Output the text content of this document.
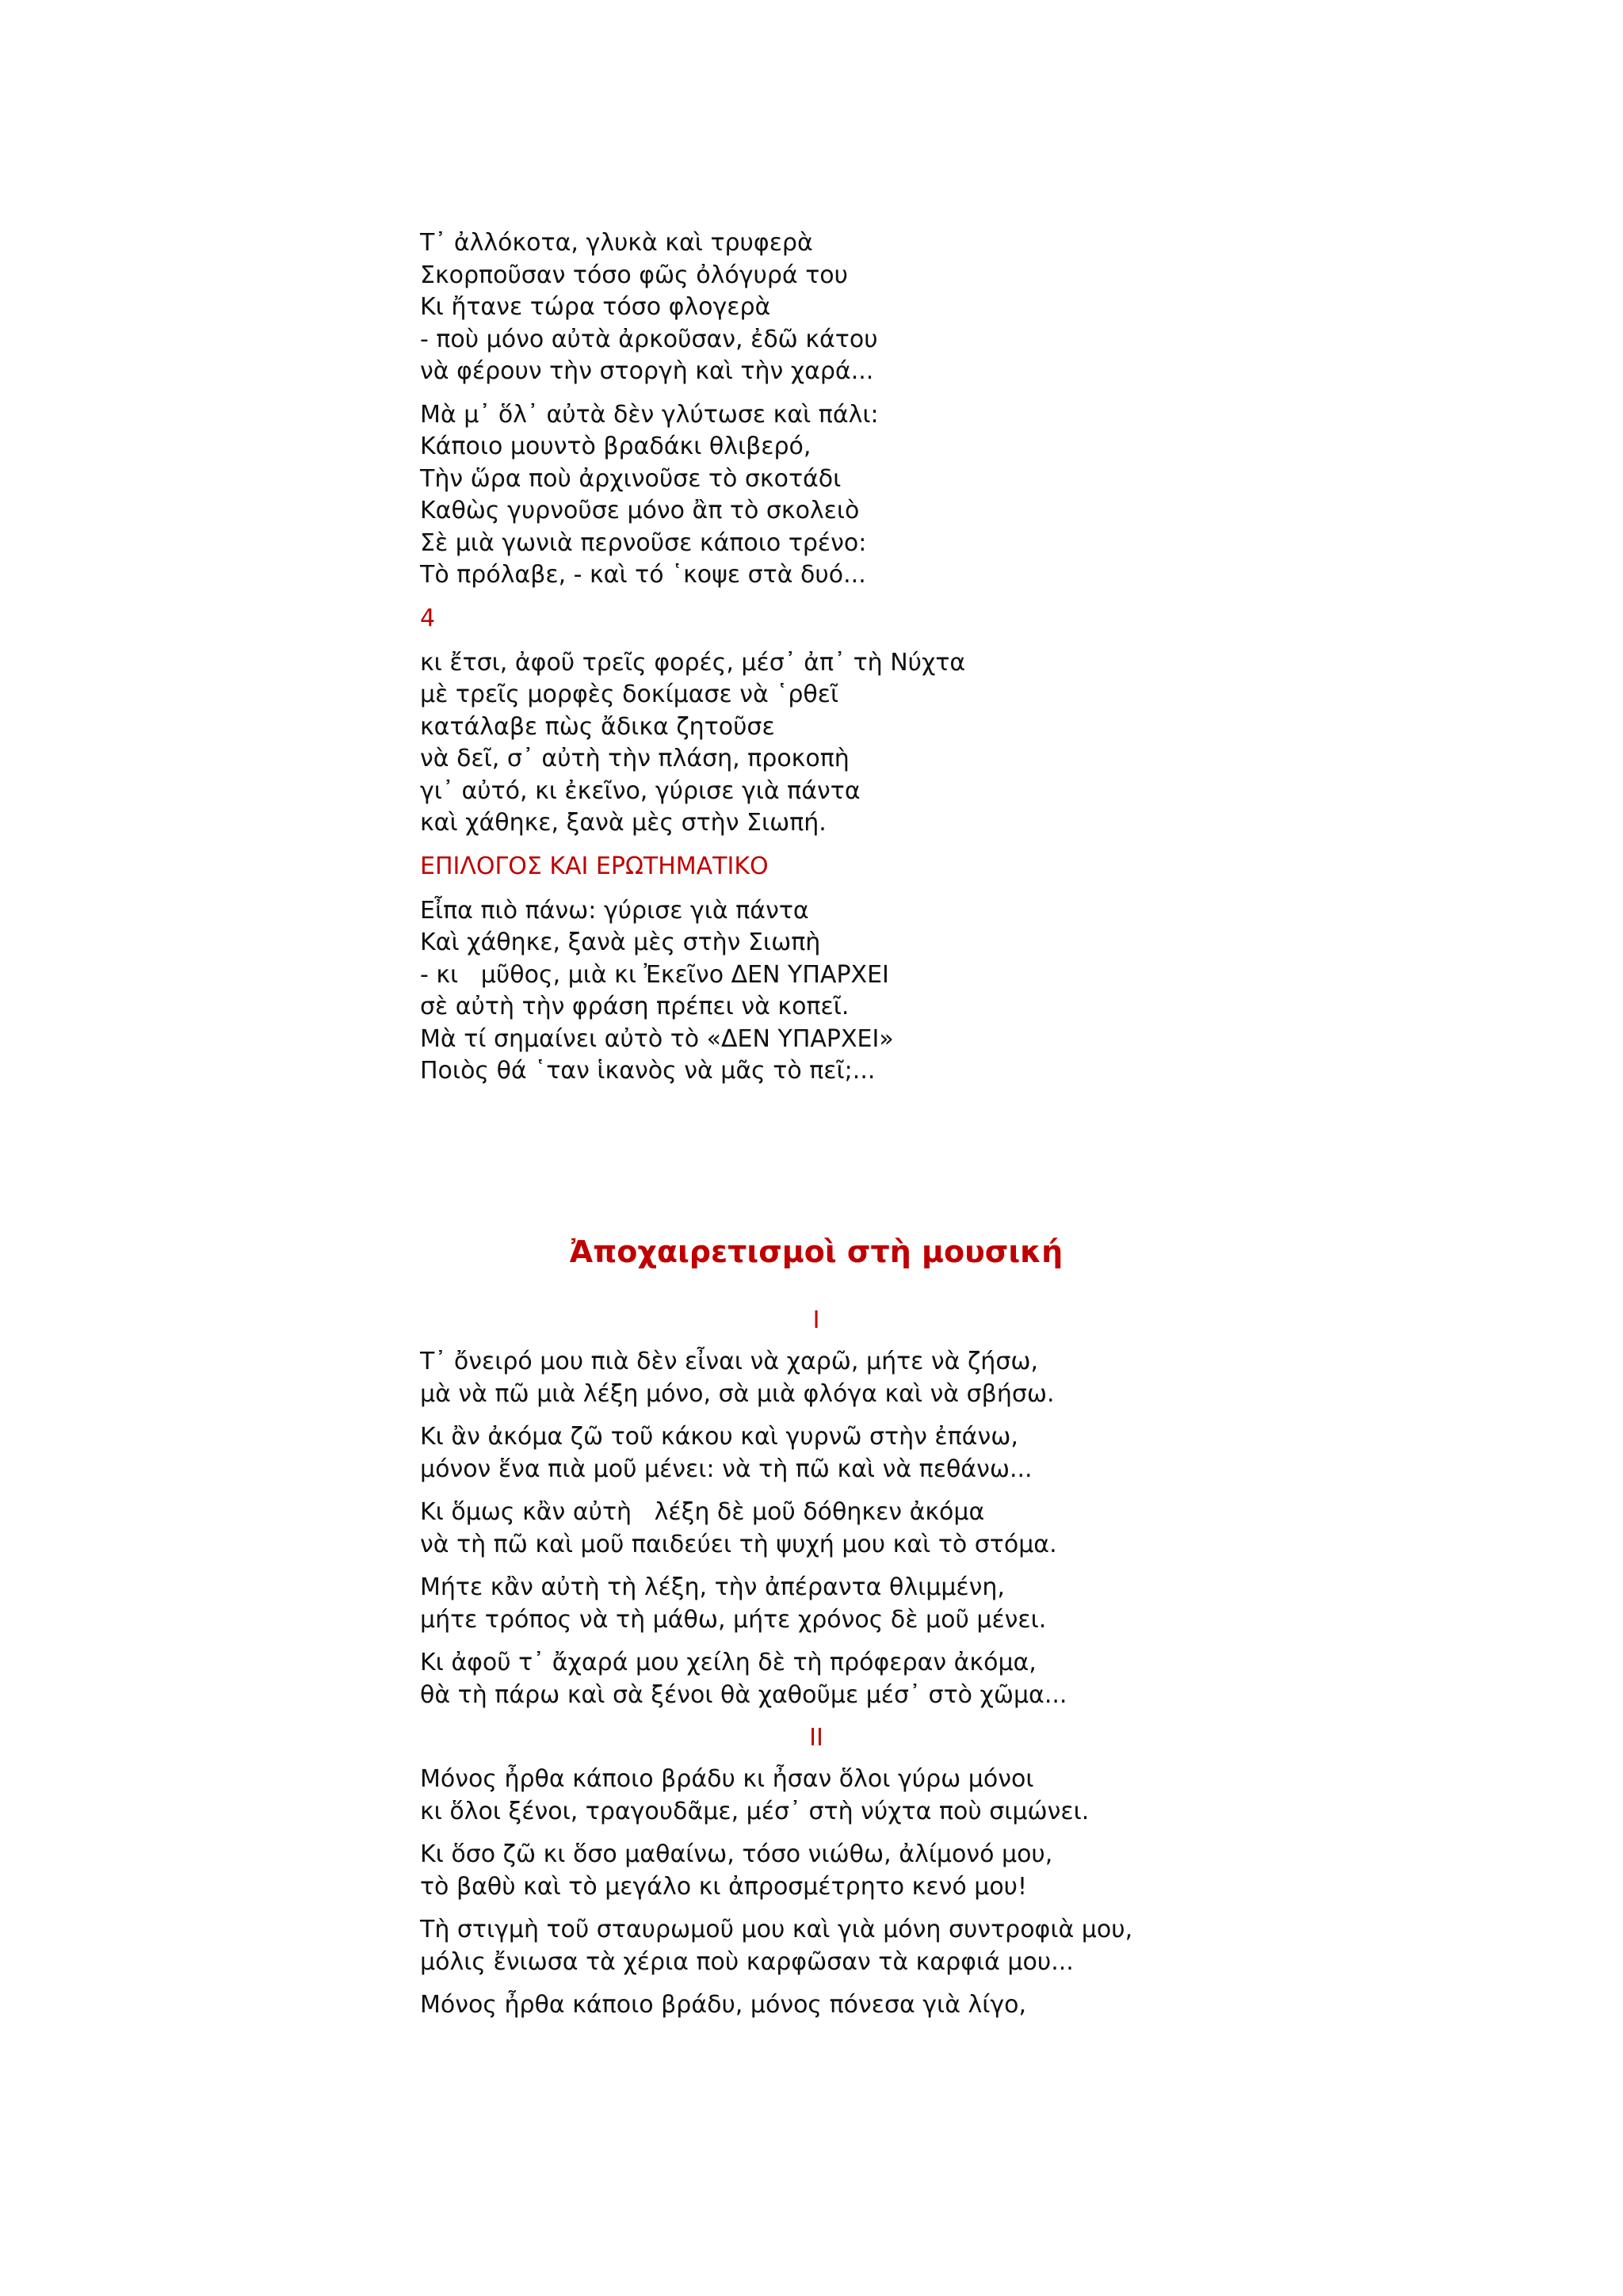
Τ᾽ ἀλλόκοτα, γλυκὰ καὶ τρυφερὰ
Σκορποῦσαν τόσο φῶς ὀλόγυρά του
Κι ἤτανε τώρα τόσο φλογερὰ
- ποὺ μόνο αὐτὰ ἀρκοῦσαν, ἐδῶ κάτου
νὰ φέρουν τὴν στοργὴ καὶ τὴν χαρά...
Μὰ μ᾽ ὅλ᾽ αὐτὰ δὲν γλύτωσε καὶ πάλι:
Κάποιο μουντὸ βραδάκι θλιβερό,
Τὴν ὥρα ποὺ ἀρχινοῦσε τὸ σκοτάδι
Καθὼς γυρνοῦσε μόνο ἂπ τὸ σκολειὸ
Σὲ μιὰ γωνιὰ περνοῦσε κάποιο τρένο:
Τὸ πρόλαβε, - καὶ τό ῾κοψε στὰ δυό...
4
κι ἔτσι, ἀφοῦ τρεῖς φορές, μέσ᾽ ἀπ᾽ τὴ Νύχτα
μὲ τρεῖς μορφὲς δοκίμασε νὰ ῾ρθεῖ
κατάλαβε πὼς ἄδικα ζητοῦσε
νὰ δεῖ, σ᾽ αὐτὴ τὴν πλάση, προκοπὴ
γι᾽ αὐτό, κι ἐκεῖνο, γύρισε γιὰ πάντα
καὶ χάθηκε, ξανὰ μὲς στὴν Σιωπή.
ΕΠΙΛΟΓΟΣ ΚΑΙ ΕΡΩΤΗΜΑΤΙΚΟ
Εἶπα πιὸ πάνω: γύρισε γιὰ πάντα
Καὶ χάθηκε, ξανὰ μὲς στὴν Σιωπὴ
- κι   μῦθος, μιὰ κι Ἐκεῖνο ΔΕΝ ΥΠΑΡΧΕΙ
σὲ αὐτὴ τὴν φράση πρέπει νὰ κοπεῖ.
Μὰ τί σημαίνει αὐτὸ τὸ «ΔΕΝ ΥΠΑΡΧΕΙ»
Ποιὸς θά ῾ταν ἱκανὸς νὰ μᾶς τὸ πεῖ;...
Ἀποχαιρετισμοὶ στὴ μουσική
I
Τ᾽ ὄνειρό μου πιὰ δὲν εἶναι νὰ χαρῶ, μήτε νὰ ζήσω,
μὰ νὰ πῶ μιὰ λέξη μόνο, σὰ μιὰ φλόγα καὶ νὰ σβήσω.
Κι ἂν ἀκόμα ζῶ τοῦ κάκου καὶ γυρνῶ στὴν ἐπάνω,
μόνον ἕνα πιὰ μοῦ μένει: νὰ τὴ πῶ καὶ νὰ πεθάνω...
Κι ὅμως κἂν αὐτὴ   λέξη δὲ μοῦ δόθηκεν ἀκόμα
νὰ τὴ πῶ καὶ μοῦ παιδεύει τὴ ψυχή μου καὶ τὸ στόμα.
Μήτε κἂν αὐτὴ τὴ λέξη, τὴν ἀπέραντα θλιμμένη,
μήτε τρόπος νὰ τὴ μάθω, μήτε χρόνος δὲ μοῦ μένει.
Κι ἀφοῦ τ᾽ ἄχαρά μου χείλη δὲ τὴ πρόφεραν ἀκόμα,
θὰ τὴ πάρω καὶ σὰ ξένοι θὰ χαθοῦμε μέσ᾽ στὸ χῶμα...
II
Μόνος ἦρθα κάποιο βράδυ κι ἦσαν ὅλοι γύρω μόνοι
κι ὅλοι ξένοι, τραγουδᾶμε, μέσ᾽ στὴ νύχτα ποὺ σιμώνει.
Κι ὅσο ζῶ κι ὅσο μαθαίνω, τόσο νιώθω, ἀλίμονό μου,
τὸ βαθὺ καὶ τὸ μεγάλο κι ἀπροσμέτρητο κενό μου!
Τὴ στιγμὴ τοῦ σταυρωμοῦ μου καὶ γιὰ μόνη συντροφιὰ μου,
μόλις ἔνιωσα τὰ χέρια ποὺ καρφῶσαν τὰ καρφιά μου...
Μόνος ἦρθα κάποιο βράδυ, μόνος πόνεσα γιὰ λίγο,
